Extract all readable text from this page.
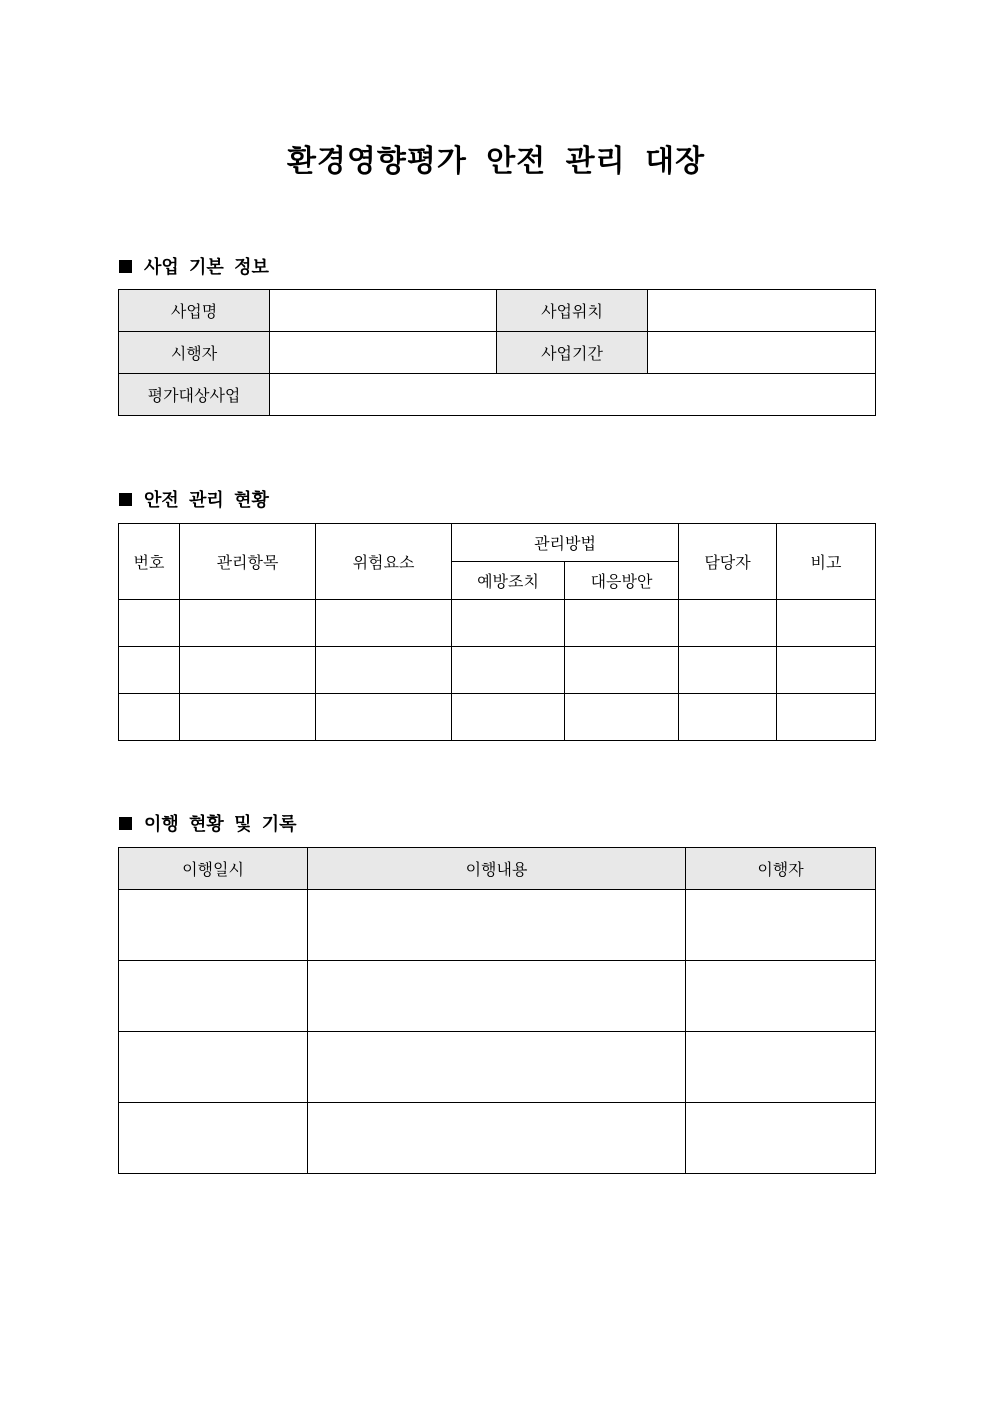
환경영향평가 안전 관리 대장
사업 기본 정보
사업명		사업위치	
시행자		사업기간	
평가대상사업			
안전 관리 현황
번호	관리항목	위험요소	관리방법		담당자	비고
			예방조치	대응방안		

이행 현황 및 기록
이행일시	이행내용	이행자
